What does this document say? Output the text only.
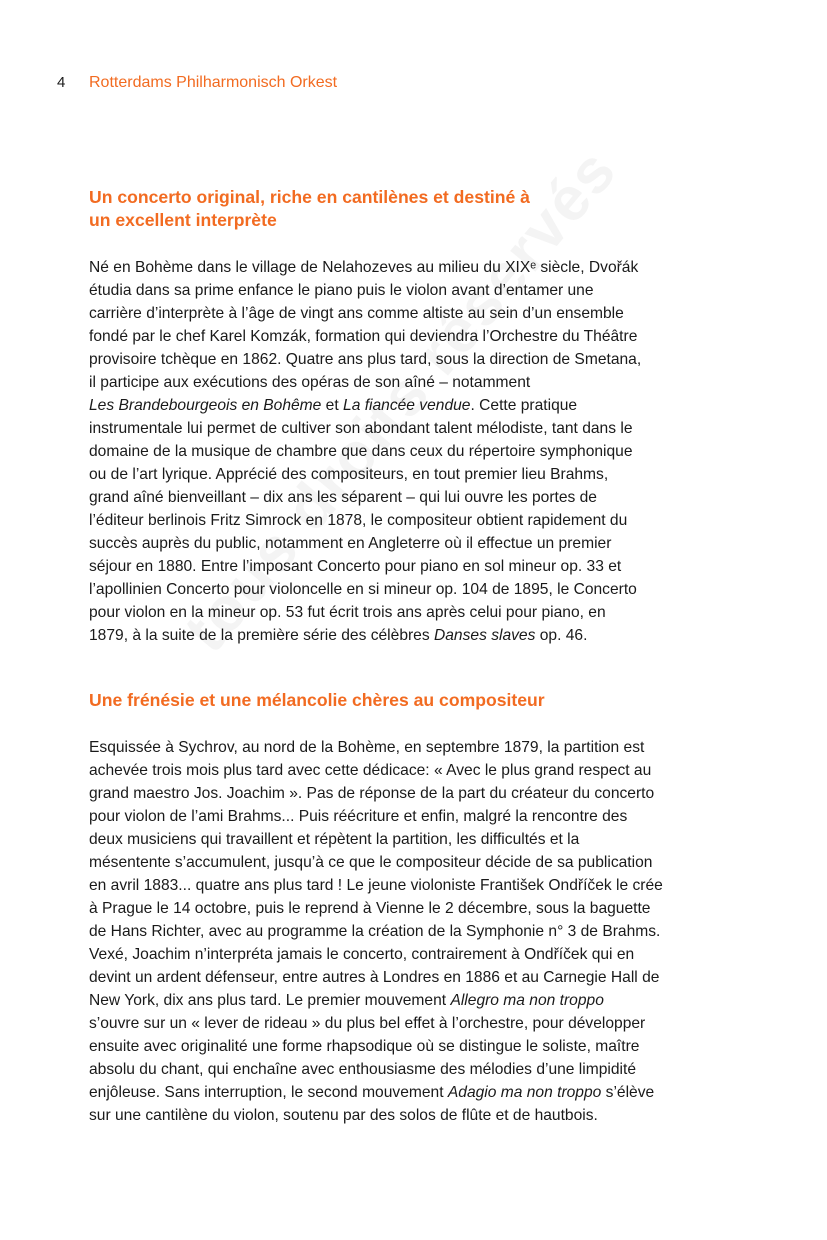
4 Rotterdams Philharmonisch Orkest
Un concerto original, riche en cantilènes et destiné à
un excellent interprète
Né en Bohème dans le village de Nelahozeves au milieu du XIXᵉ siècle, Dvořák
étudia dans sa prime enfance le piano puis le violon avant d’entamer une
carrière d’interprète à l’âge de vingt ans comme altiste au sein d’un ensemble
fondé par le chef Karel Komzák, formation qui deviendra l’Orchestre du Théâtre
provisoire tchèque en 1862. Quatre ans plus tard, sous la direction de Smetana,
il participe aux exécutions des opéras de son aîné – notamment
Les Brandebourgeois en Bohême et La fiancée vendue. Cette pratique
instrumentale lui permet de cultiver son abondant talent mélodiste, tant dans le
domaine de la musique de chambre que dans ceux du répertoire symphonique
ou de l’art lyrique. Apprécié des compositeurs, en tout premier lieu Brahms,
grand aîné bienveillant – dix ans les séparent – qui lui ouvre les portes de
l’éditeur berlinois Fritz Simrock en 1878, le compositeur obtient rapidement du
succès auprès du public, notamment en Angleterre où il effectue un premier
séjour en 1880. Entre l’imposant Concerto pour piano en sol mineur op. 33 et
l’apollinien Concerto pour violoncelle en si mineur op. 104 de 1895, le Concerto
pour violon en la mineur op. 53 fut écrit trois ans après celui pour piano, en
1879, à la suite de la première série des célèbres Danses slaves op. 46.
Une frénésie et une mélancolie chères au compositeur
Esquissée à Sychrov, au nord de la Bohème, en septembre 1879, la partition est
achevée trois mois plus tard avec cette dédicace: « Avec le plus grand respect au
grand maestro Jos. Joachim ». Pas de réponse de la part du créateur du concerto
pour violon de l’ami Brahms... Puis réécriture et enfin, malgré la rencontre des
deux musiciens qui travaillent et répètent la partition, les difficultés et la
mésentente s’accumulent, jusqu’à ce que le compositeur décide de sa publication
en avril 1883... quatre ans plus tard ! Le jeune violoniste František Ondříček le crée
à Prague le 14 octobre, puis le reprend à Vienne le 2 décembre, sous la baguette
de Hans Richter, avec au programme la création de la Symphonie n° 3 de Brahms.
Vexé, Joachim n’interpréta jamais le concerto, contrairement à Ondříček qui en
devint un ardent défenseur, entre autres à Londres en 1886 et au Carnegie Hall de
New York, dix ans plus tard. Le premier mouvement Allegro ma non troppo
s’ouvre sur un « lever de rideau » du plus bel effet à l’orchestre, pour développer
ensuite avec originalité une forme rhapsodique où se distingue le soliste, maître
absolu du chant, qui enchaîne avec enthousiasme des mélodies d’une limpidité
enjôleuse. Sans interruption, le second mouvement Adagio ma non troppo s’élève
sur une cantilène du violon, soutenu par des solos de flûte et de hautbois.
